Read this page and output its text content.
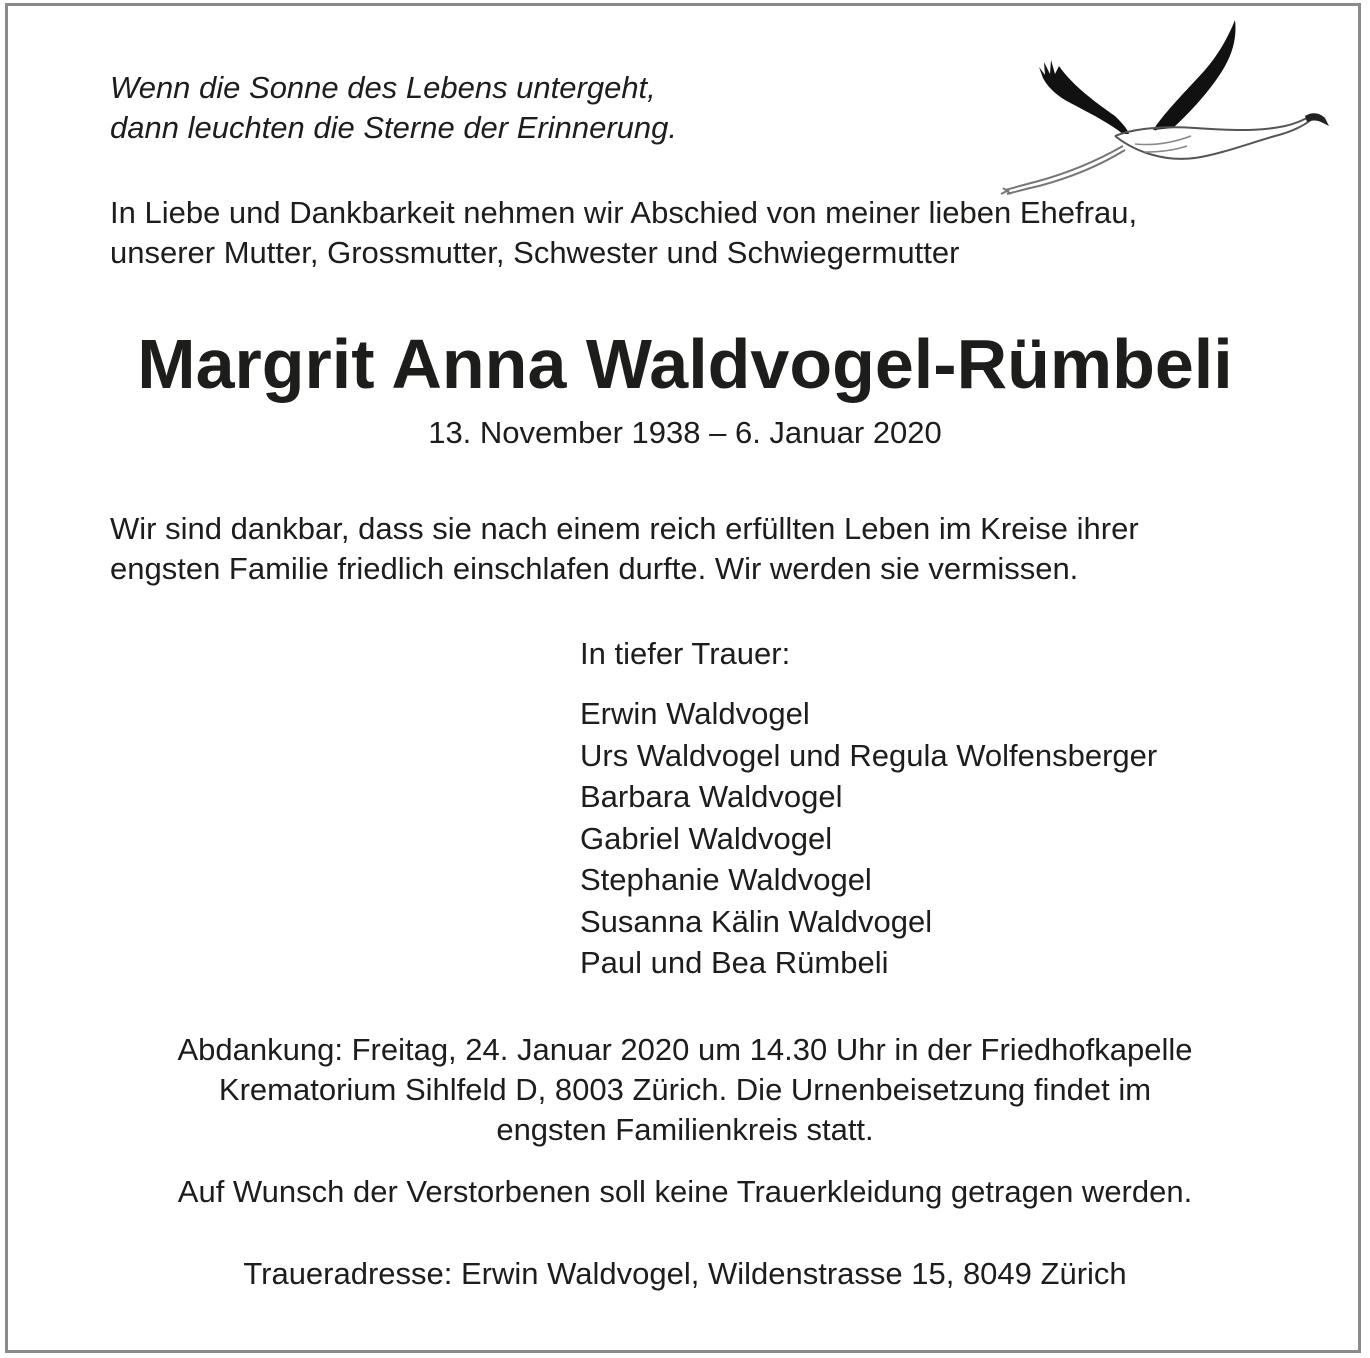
Wenn die Sonne des Lebens untergeht,
dann leuchten die Sterne der Erinnerung.

In Liebe und Dankbarkeit nehmen wir Abschied von meiner lieben Ehefrau,
unserer Mutter, Grossmutter, Schwester und Schwiegermutter

Margrit Anna Waldvogel-Rümbeli

13. November 1938 – 6. Januar 2020

Wir sind dankbar, dass sie nach einem reich erfüllten Leben im Kreise ihrer
engsten Familie friedlich einschlafen durfte. Wir werden sie vermissen.

In tiefer Trauer:

Erwin Waldvogel
Urs Waldvogel und Regula Wolfensberger
Barbara Waldvogel
Gabriel Waldvogel
Stephanie Waldvogel
Susanna Kälin Waldvogel
Paul und Bea Rümbeli

Abdankung: Freitag, 24. Januar 2020 um 14.30 Uhr in der Friedhofkapelle
Krematorium Sihlfeld D, 8003 Zürich. Die Urnenbeisetzung findet im
engsten Familienkreis statt.

Auf Wunsch der Verstorbenen soll keine Trauerkleidung getragen werden.

Traueradresse: Erwin Waldvogel, Wildenstrasse 15, 8049 Zürich
